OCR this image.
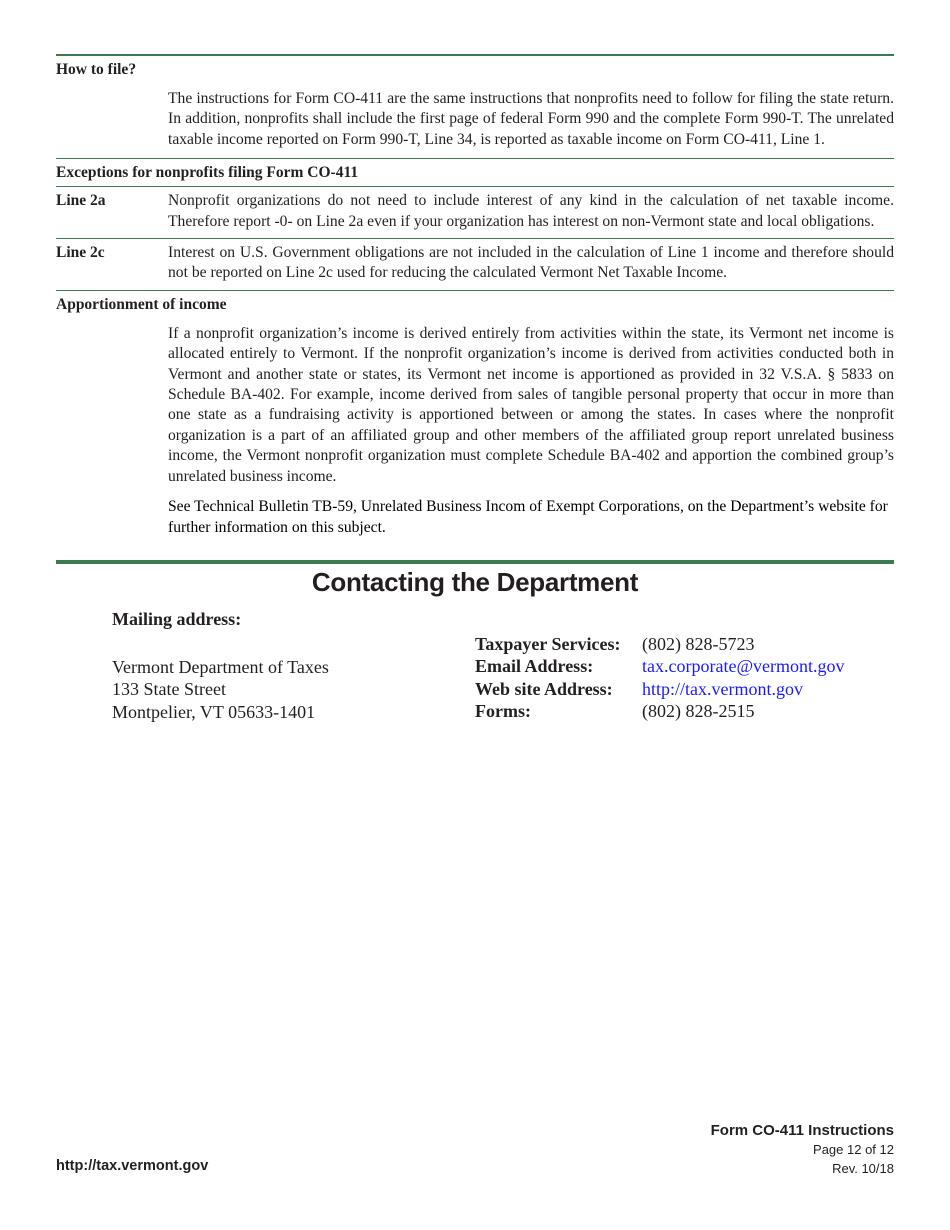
How to file?
The instructions for Form CO-411 are the same instructions that nonprofits need to follow for filing the state return. In addition, nonprofits shall include the first page of federal Form 990 and the complete Form 990-T. The unrelated taxable income reported on Form 990-T, Line 34, is reported as taxable income on Form CO-411, Line 1.
Exceptions for nonprofits filing Form CO-411
Line 2a	Nonprofit organizations do not need to include interest of any kind in the calculation of net taxable income. Therefore report -0- on Line 2a even if your organization has interest on non-Vermont state and local obligations.
Line 2c	Interest on U.S. Government obligations are not included in the calculation of Line 1 income and therefore should not be reported on Line 2c used for reducing the calculated Vermont Net Taxable Income.
Apportionment of income
If a nonprofit organization’s income is derived entirely from activities within the state, its Vermont net income is allocated entirely to Vermont. If the nonprofit organization’s income is derived from activities conducted both in Vermont and another state or states, its Vermont net income is apportioned as provided in 32 V.S.A. § 5833 on Schedule BA-402. For example, income derived from sales of tangible personal property that occur in more than one state as a fundraising activity is apportioned between or among the states. In cases where the nonprofit organization is a part of an affiliated group and other members of the affiliated group report unrelated business income, the Vermont nonprofit organization must complete Schedule BA-402 and apportion the combined group’s unrelated business income.
See Technical Bulletin TB-59, Unrelated Business Incom of Exempt Corporations, on the Department’s website for further information on this subject.
Contacting the Department
Mailing address:
Vermont Department of Taxes
133 State Street
Montpelier, VT 05633-1401
Taxpayer Services:	(802) 828-5723
Email Address:	tax.corporate@vermont.gov
Web site Address:	http://tax.vermont.gov
Forms:	(802) 828-2515
http://tax.vermont.gov
Form CO-411 Instructions
Page 12 of 12
Rev. 10/18
